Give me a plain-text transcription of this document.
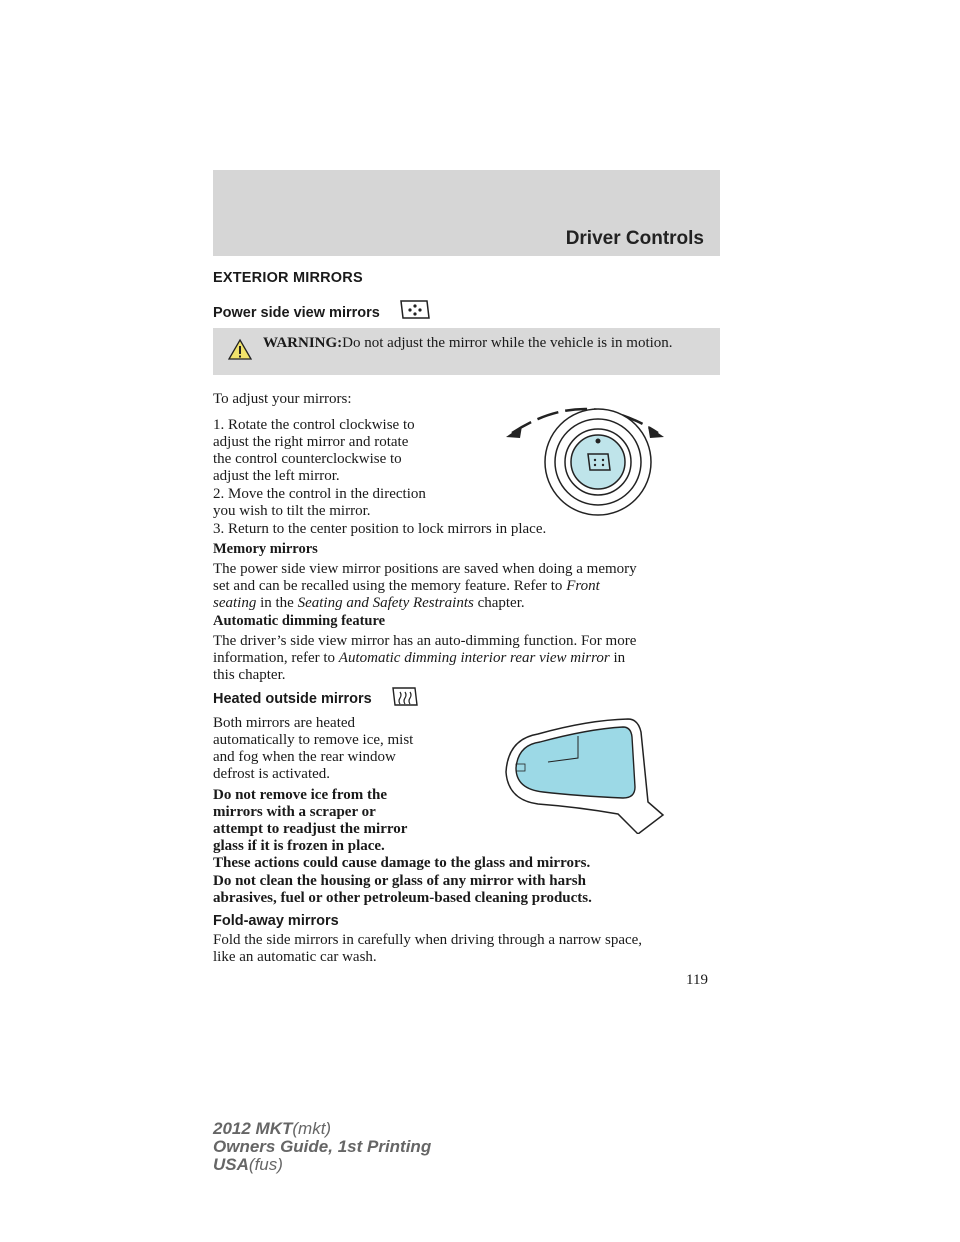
Driver Controls
EXTERIOR MIRRORS
Power side view mirrors
WARNING:Do not adjust the mirror while the vehicle is in motion.
To adjust your mirrors:
1. Rotate the control clockwise to
adjust the right mirror and rotate
the control counterclockwise to
adjust the left mirror.
2. Move the control in the direction
you wish to tilt the mirror.
3. Return to the center position to lock mirrors in place.
Memory mirrors
The power side view mirror positions are saved when doing a memory
set and can be recalled using the memory feature. Refer to Front
seating in the Seating and Safety Restraints chapter.
Automatic dimming feature
The driver’s side view mirror has an auto-dimming function. For more
information, refer to Automatic dimming interior rear view mirror in
this chapter.
Heated outside mirrors
Both mirrors are heated
automatically to remove ice, mist
and fog when the rear window
defrost is activated.
Do not remove ice from the
mirrors with a scraper or
attempt to readjust the mirror
glass if it is frozen in place.
These actions could cause damage to the glass and mirrors.
Do not clean the housing or glass of any mirror with harsh
abrasives, fuel or other petroleum-based cleaning products.
Fold-away mirrors
Fold the side mirrors in carefully when driving through a narrow space,
like an automatic car wash.
119
2012 MKT(mkt)
Owners Guide, 1st Printing
USA(fus)
